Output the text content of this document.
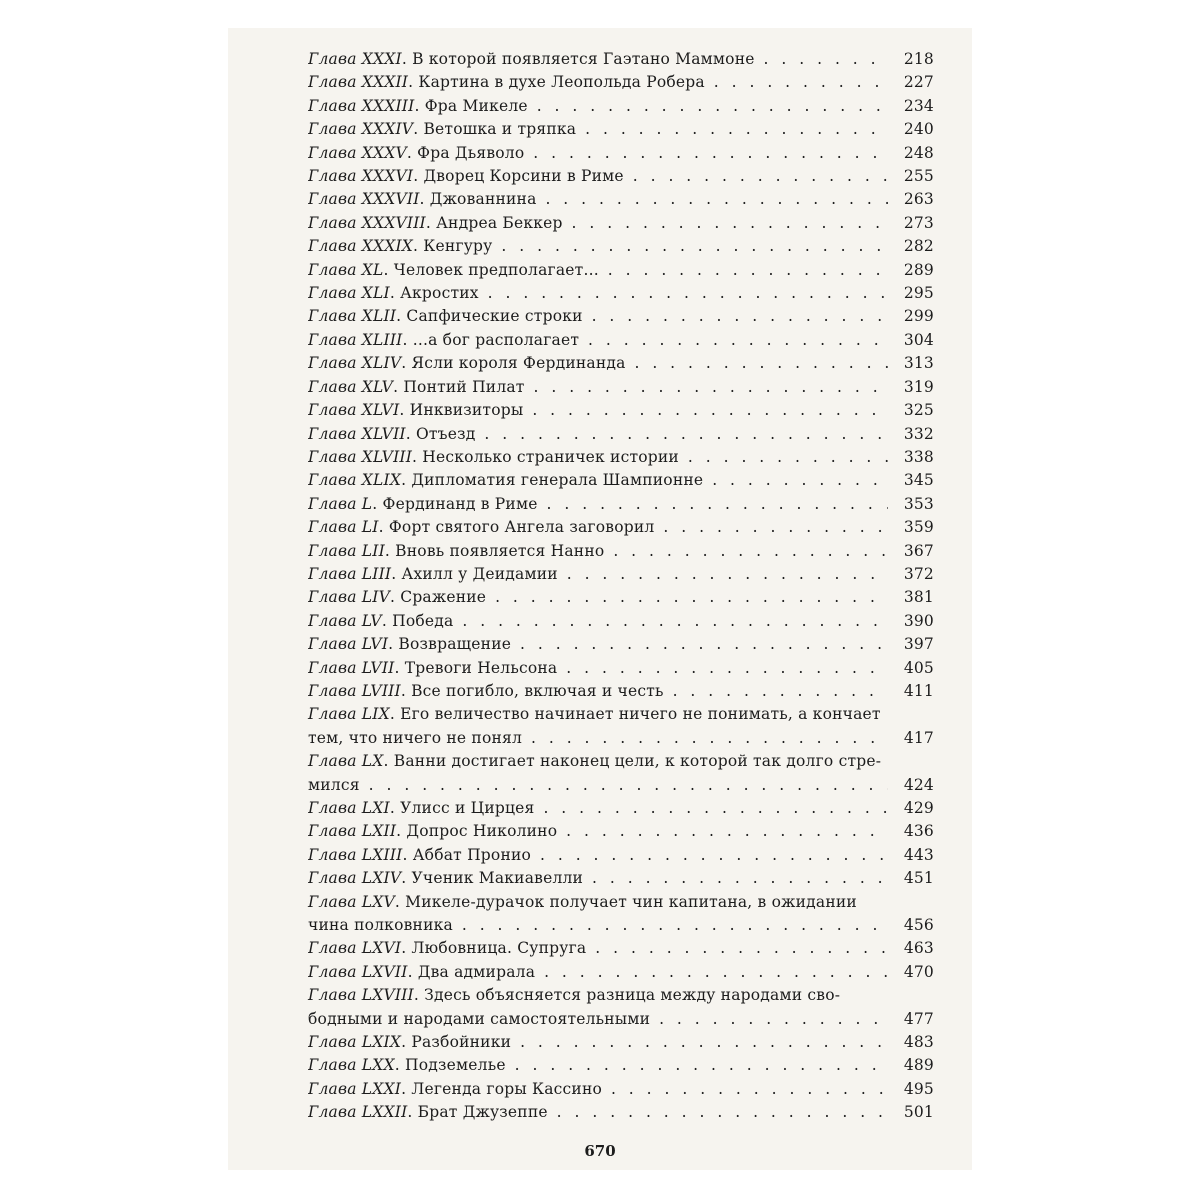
Глава XXXI. В которой появляется Гаэтано Маммоне . . .	218
Глава XXXII. Картина в духе Леопольда Робера . . .	227
Глава XXXIII. Фра Микеле . . .	234
Глава XXXIV. Ветошка и тряпка . . .	240
Глава XXXV. Фра Дьяволо . . .	248
Глава XXXVI. Дворец Корсини в Риме . . .	255
Глава XXXVII. Джованнина . . .	263
Глава XXXVIII. Андреа Беккер . . .	273
Глава XXXIX. Кенгуру . . .	282
Глава XL. Человек предполагает... . . .	289
Глава XLI. Акростих . . .	295
Глава XLII. Сапфические строки . . .	299
Глава XLIII. ...а бог располагает . . .	304
Глава XLIV. Ясли короля Фердинанда . . .	313
Глава XLV. Понтий Пилат . . .	319
Глава XLVI. Инквизиторы . . .	325
Глава XLVII. Отъезд . . .	332
Глава XLVIII. Несколько страничек истории . . .	338
Глава XLIX. Дипломатия генерала Шампионне . . .	345
Глава L. Фердинанд в Риме . . .	353
Глава LI. Форт святого Ангела заговорил . . .	359
Глава LII. Вновь появляется Нанно . . .	367
Глава LIII. Ахилл у Деидамии . . .	372
Глава LIV. Сражение . . .	381
Глава LV. Победа . . .	390
Глава LVI. Возвращение . . .	397
Глава LVII. Тревоги Нельсона . . .	405
Глава LVIII. Все погибло, включая и честь . . .	411
Глава LIX. Его величество начинает ничего не понимать, а кончает
тем, что ничего не понял . . .	417
Глава LX. Ванни достигает наконец цели, к которой так долго стре-
мился . . .	424
Глава LXI. Улисс и Цирцея . . .	429
Глава LXII. Допрос Николино . . .	436
Глава LXIII. Аббат Пронио . . .	443
Глава LXIV. Ученик Макиавелли . . .	451
Глава LXV. Микеле-дурачок получает чин капитана, в ожидании
чина полковника . . .	456
Глава LXVI. Любовница. Супруга . . .	463
Глава LXVII. Два адмирала . . .	470
Глава LXVIII. Здесь объясняется разница между народами сво-
бодными и народами самостоятельными . . .	477
Глава LXIX. Разбойники . . .	483
Глава LXX. Подземелье . . .	489
Глава LXXI. Легенда горы Кассино . . .	495
Глава LXXII. Брат Джузеппе . . .	501
670
